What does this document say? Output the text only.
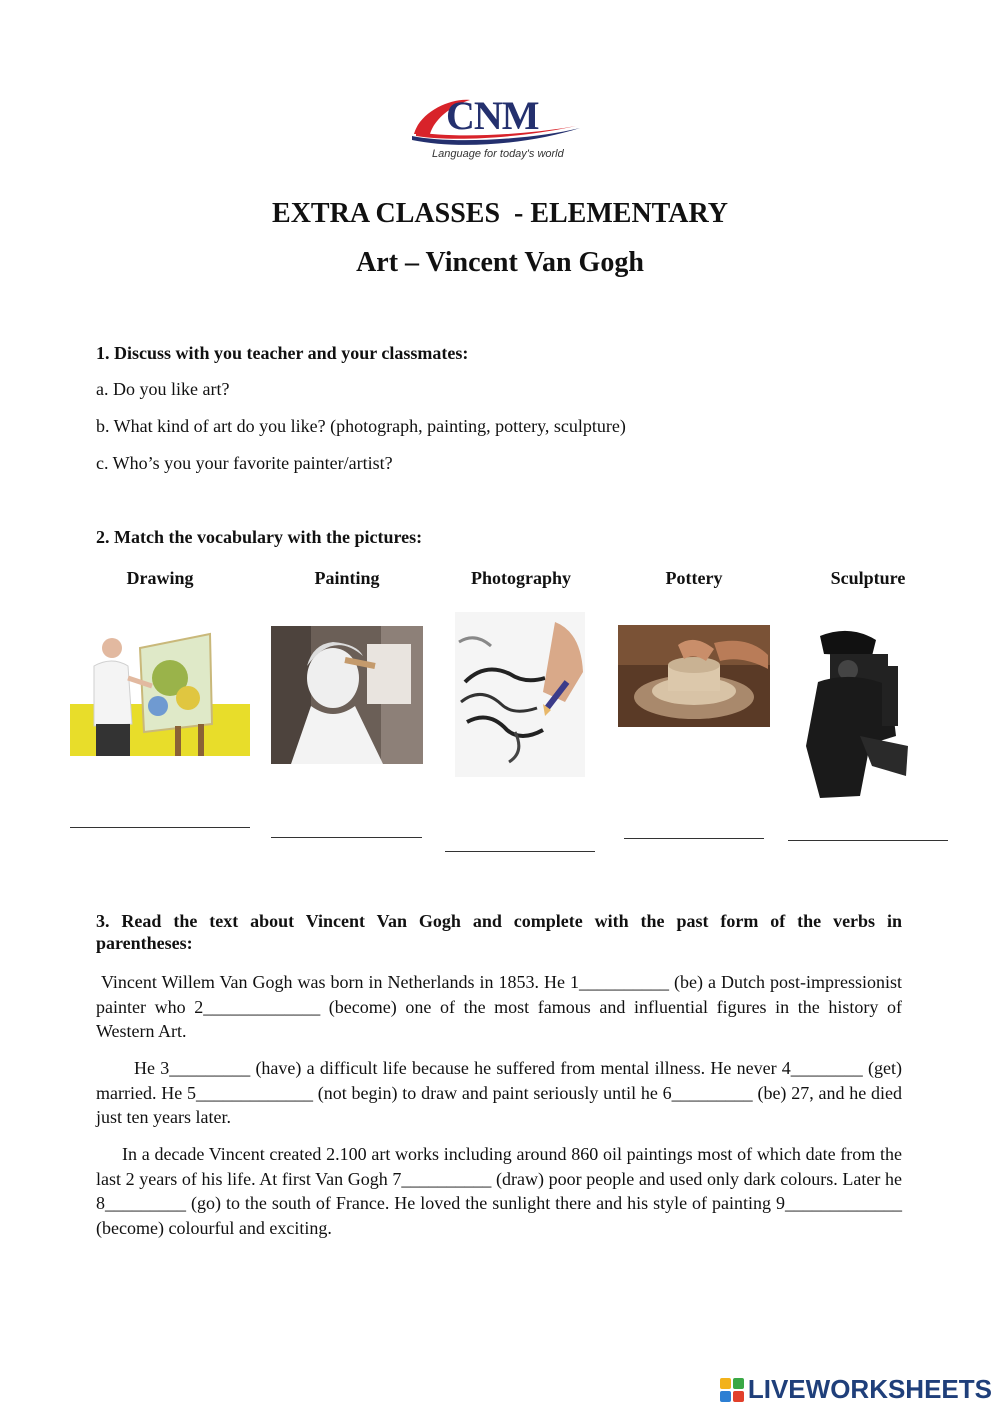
CNM
Language for today's world
EXTRA CLASSES  - ELEMENTARY
Art – Vincent Van Gogh
1. Discuss with you teacher and your classmates:
a. Do you like art?
b. What kind of art do you like? (photograph, painting, pottery, sculpture)
c. Who’s you your favorite painter/artist?
2. Match the vocabulary with the pictures:
Drawing	Painting	Photography	Pottery	Sculpture
3. Read the text about Vincent Van Gogh and complete with the past form of the verbs in
parentheses:
Vincent Willem Van Gogh was born in Netherlands in 1853. He 1__________ (be) a Dutch post-impressionist painter who 2_____________ (become) one of the most famous and influential figures in the history of Western Art.
He 3_________ (have) a difficult life because he suffered from mental illness. He never 4________ (get) married. He 5_____________ (not begin) to draw and paint seriously until he 6_________ (be) 27, and he died just ten years later.
In a decade Vincent created 2.100 art works including around 860 oil paintings most of which date from the last 2 years of his life. At first Van Gogh 7__________ (draw) poor people and used only dark colours. Later he 8_________ (go) to the south of France. He loved the sunlight there and his style of painting 9_____________ (become) colourful and exciting.
LIVEWORKSHEETS
